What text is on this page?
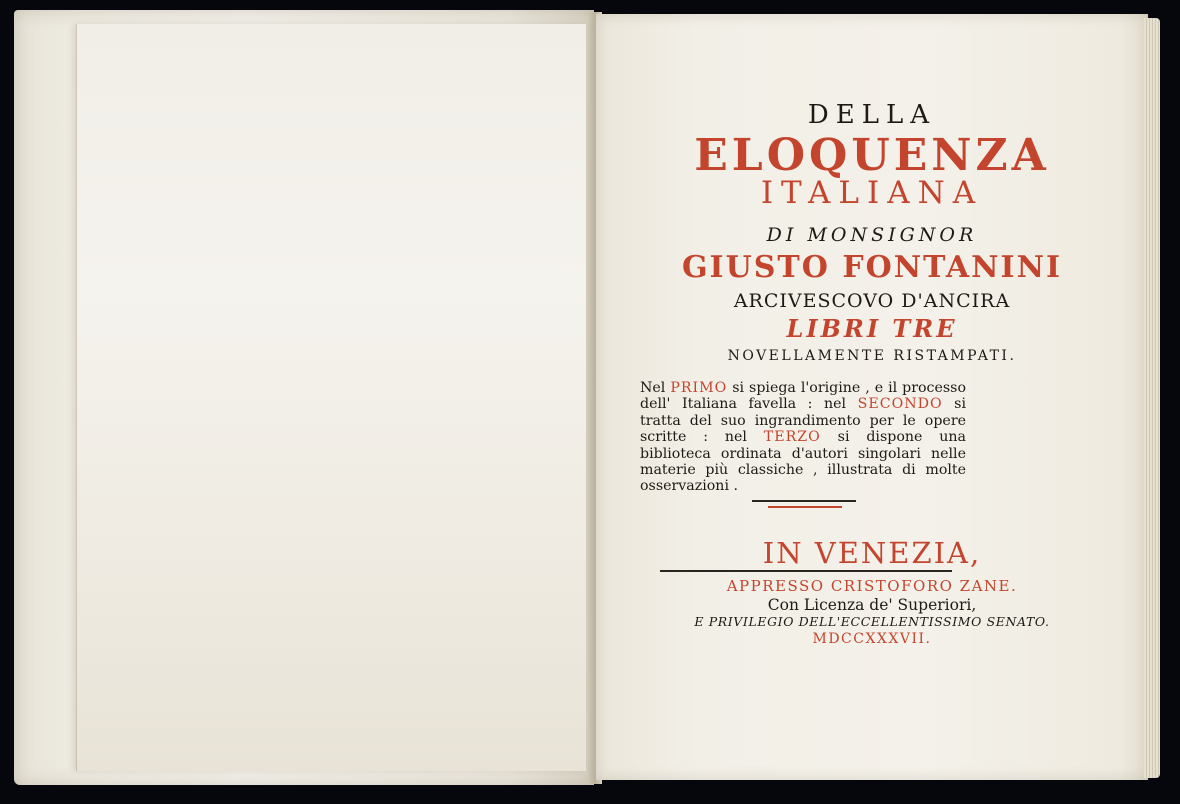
DELLA
ELOQUENZA
ITALIANA
DI MONSIGNOR
GIUSTO FONTANINI
ARCIVESCOVO D'ANCIRA
LIBRI TRE
NOVELLAMENTE RISTAMPATI.
Nel PRIMO si spiega l'origine , e il processo dell' Italiana favella : nel SECONDO si tratta del suo ingrandimento per le opere scritte : nel TERZO si dispone una biblioteca ordinata d'autori singolari nelle materie più classiche , illustrata di molte osservazioni .
IN VENEZIA,
APPRESSO CRISTOFORO ZANE.
Con Licenza de' Superiori,
E PRIVILEGIO DELL'ECCELLENTISSIMO SENATO.
MDCCXXXVII.
